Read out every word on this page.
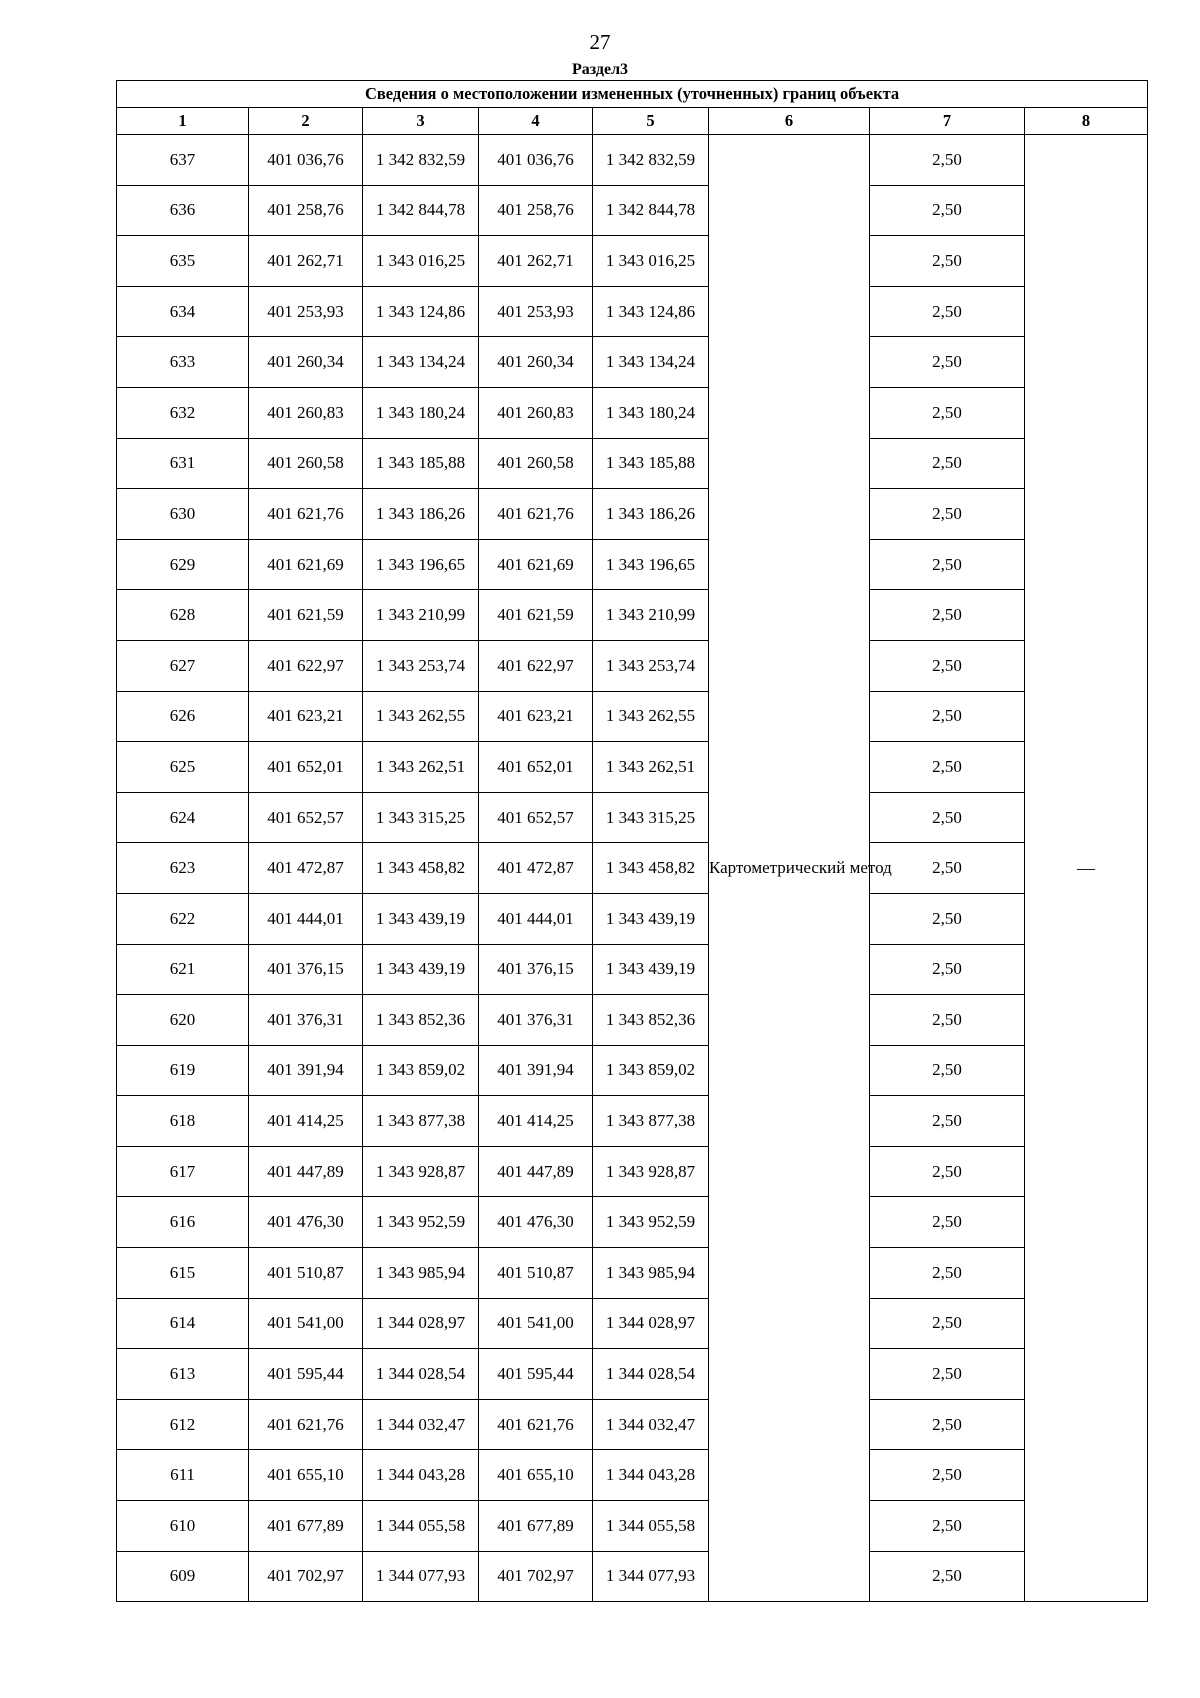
27
Раздел3
Сведения о местоположении измененных (уточненных) границ объекта							
1	2	3	4	5	6	7	8
637	401 036,76	1 342 832,59	401 036,76	1 342 832,59	Картометрический метод	2,50	—
636	401 258,76	1 342 844,78	401 258,76	1 342 844,78		2,50	
635	401 262,71	1 343 016,25	401 262,71	1 343 016,25		2,50	
634	401 253,93	1 343 124,86	401 253,93	1 343 124,86		2,50	
633	401 260,34	1 343 134,24	401 260,34	1 343 134,24		2,50	
632	401 260,83	1 343 180,24	401 260,83	1 343 180,24		2,50	
631	401 260,58	1 343 185,88	401 260,58	1 343 185,88		2,50	
630	401 621,76	1 343 186,26	401 621,76	1 343 186,26		2,50	
629	401 621,69	1 343 196,65	401 621,69	1 343 196,65		2,50	
628	401 621,59	1 343 210,99	401 621,59	1 343 210,99		2,50	
627	401 622,97	1 343 253,74	401 622,97	1 343 253,74		2,50	
626	401 623,21	1 343 262,55	401 623,21	1 343 262,55		2,50	
625	401 652,01	1 343 262,51	401 652,01	1 343 262,51		2,50	
624	401 652,57	1 343 315,25	401 652,57	1 343 315,25		2,50	
623	401 472,87	1 343 458,82	401 472,87	1 343 458,82		2,50	
622	401 444,01	1 343 439,19	401 444,01	1 343 439,19		2,50	
621	401 376,15	1 343 439,19	401 376,15	1 343 439,19		2,50	
620	401 376,31	1 343 852,36	401 376,31	1 343 852,36		2,50	
619	401 391,94	1 343 859,02	401 391,94	1 343 859,02		2,50	
618	401 414,25	1 343 877,38	401 414,25	1 343 877,38		2,50	
617	401 447,89	1 343 928,87	401 447,89	1 343 928,87		2,50	
616	401 476,30	1 343 952,59	401 476,30	1 343 952,59		2,50	
615	401 510,87	1 343 985,94	401 510,87	1 343 985,94		2,50	
614	401 541,00	1 344 028,97	401 541,00	1 344 028,97		2,50	
613	401 595,44	1 344 028,54	401 595,44	1 344 028,54		2,50	
612	401 621,76	1 344 032,47	401 621,76	1 344 032,47		2,50	
611	401 655,10	1 344 043,28	401 655,10	1 344 043,28		2,50	
610	401 677,89	1 344 055,58	401 677,89	1 344 055,58		2,50	
609	401 702,97	1 344 077,93	401 702,97	1 344 077,93		2,50	
